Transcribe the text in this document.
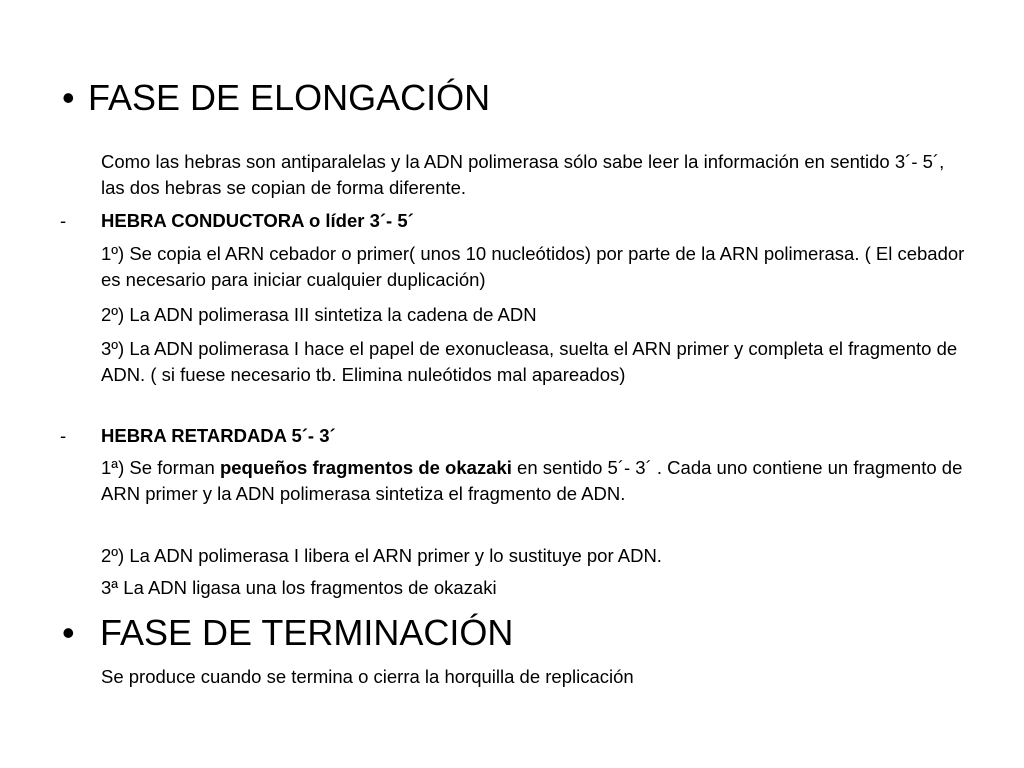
• FASE DE ELONGACIÓN
Como las hebras son antiparalelas y la ADN polimerasa sólo sabe leer la información en sentido 3´- 5´, las dos hebras se copian de forma diferente.
- HEBRA CONDUCTORA o líder 3´- 5´
1º) Se copia el ARN cebador o primer( unos 10 nucleótidos) por parte de la ARN polimerasa. ( El cebador es necesario para iniciar cualquier duplicación)
2º) La ADN polimerasa III sintetiza la cadena de ADN
3º) La ADN polimerasa I hace el papel de exonucleasa, suelta el ARN primer y completa el fragmento de ADN. ( si fuese necesario tb. Elimina nuleótidos mal apareados)
- HEBRA RETARDADA 5´- 3´
1ª) Se forman pequeños fragmentos de okazaki en sentido 5´- 3´ . Cada uno contiene un fragmento de ARN primer y la ADN polimerasa sintetiza el fragmento de ADN.
2º) La ADN polimerasa I libera el ARN primer y lo sustituye por ADN.
3ª La ADN ligasa una los fragmentos de okazaki
• FASE DE TERMINACIÓN
Se produce cuando se termina o cierra la horquilla de replicación
